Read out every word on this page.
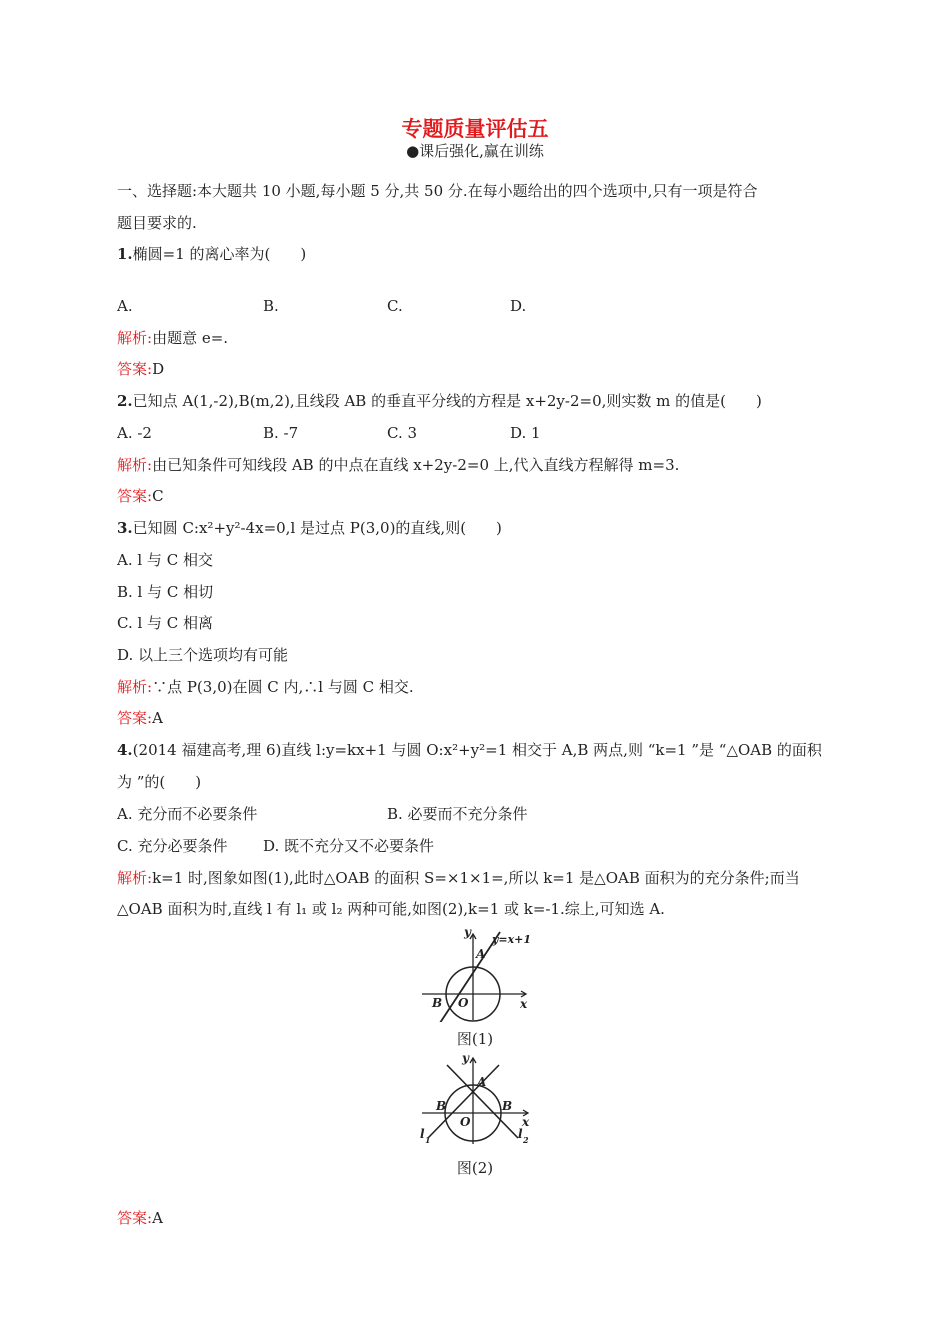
专题质量评估五
●课后强化,赢在训练
一、选择题:本大题共 10 小题,每小题 5 分,共 50 分.在每小题给出的四个选项中,只有一项是符合
题目要求的.
1.椭圆=1 的离心率为(　　)
A.	B.	C.	D.
解析:由题意 e=.
答案:D
2.已知点 A(1,-2),B(m,2),且线段 AB 的垂直平分线的方程是 x+2y-2=0,则实数 m 的值是(　　)
A. -2	B. -7	C. 3	D. 1
解析:由已知条件可知线段 AB 的中点在直线 x+2y-2=0 上,代入直线方程解得 m=3.
答案:C
3.已知圆 C:x²+y²-4x=0,l 是过点 P(3,0)的直线,则(　　)
A. l 与 C 相交
B. l 与 C 相切
C. l 与 C 相离
D. 以上三个选项均有可能
解析:∵点 P(3,0)在圆 C 内,∴l 与圆 C 相交.
答案:A
4.(2014 福建高考,理 6)直线 l:y=kx+1 与圆 O:x²+y²=1 相交于 A,B 两点,则 “k=1 ”是 “△OAB 的面积
为 ”的(　　)
A. 充分而不必要条件	B. 必要而不充分条件
C. 充分必要条件 D. 既不充分又不必要条件
解析:k=1 时,图象如图(1),此时△OAB 的面积 S=×1×1=,所以 k=1 是△OAB 面积为的充分条件;而当
△OAB 面积为时,直线 l 有 l₁ 或 l₂ 两种可能,如图(2),k=1 或 k=-1.综上,可知选 A.
y
y=x+1
A
B O	x
图(1)
y
A
B	B
O	x
l 1	l 2
图(2)
答案:A
